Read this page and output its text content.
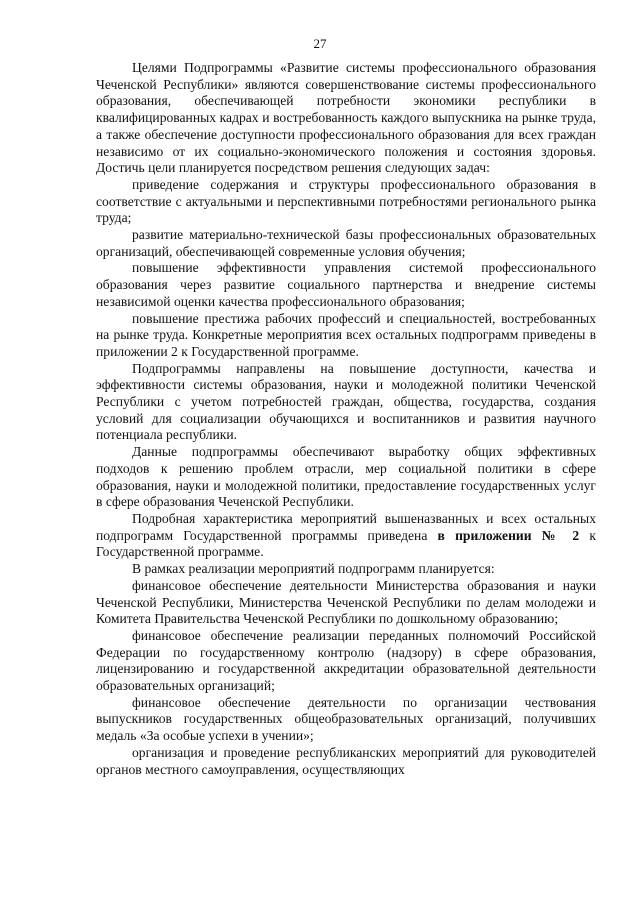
27

Целями Подпрограммы «Развитие системы профессионального образования Чеченской Республики» являются совершенствование системы профессионального образования, обеспечивающей потребности экономики республики в квалифицированных кадрах и востребованность каждого выпускника на рынке труда, а также обеспечение доступности профессионального образования для всех граждан независимо от их социально-экономического положения и состояния здоровья. Достичь цели планируется посредством решения следующих задач:

приведение содержания и структуры профессионального образования в соответствие с актуальными и перспективными потребностями регионального рынка труда;

развитие материально-технической базы профессиональных образовательных организаций, обеспечивающей современные условия обучения;

повышение эффективности управления системой профессионального образования через развитие социального партнерства и внедрение системы независимой оценки качества профессионального образования;

повышение престижа рабочих профессий и специальностей, востребованных на рынке труда. Конкретные мероприятия всех остальных подпрограмм приведены в приложении 2 к Государственной программе.

Подпрограммы направлены на повышение доступности, качества и эффективности системы образования, науки и молодежной политики Чеченской Республики с учетом потребностей граждан, общества, государства, создания условий для социализации обучающихся и воспитанников и развития научного потенциала республики.

Данные подпрограммы обеспечивают выработку общих эффективных подходов к решению проблем отрасли, мер социальной политики в сфере образования, науки и молодежной политики, предоставление государственных услуг в сфере образования Чеченской Республики.

Подробная характеристика мероприятий вышеназванных и всех остальных подпрограмм Государственной программы приведена в приложении № 2 к Государственной программе.

В рамках реализации мероприятий подпрограмм планируется:

финансовое обеспечение деятельности Министерства образования и науки Чеченской Республики, Министерства Чеченской Республики по делам молодежи и Комитета Правительства Чеченской Республики по дошкольному образованию;

финансовое обеспечение реализации переданных полномочий Российской Федерации по государственному контролю (надзору) в сфере образования, лицензированию и государственной аккредитации образовательной деятельности образовательных организаций;

финансовое обеспечение деятельности по организации чествования выпускников государственных общеобразовательных организаций, получивших медаль «За особые успехи в учении»;

организация и проведение республиканских мероприятий для руководителей органов местного самоуправления, осуществляющих
